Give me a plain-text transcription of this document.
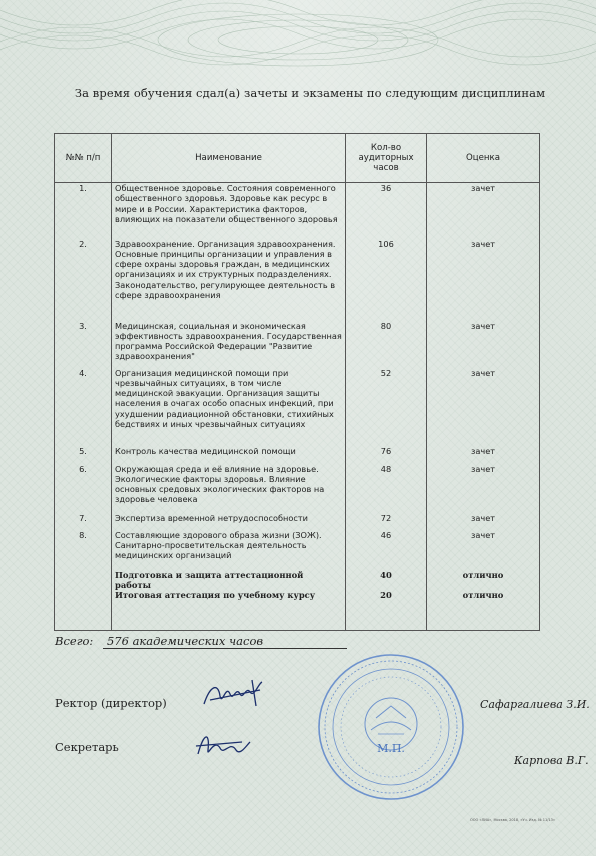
За время обучения сдал(а) зачеты и экзамены по следующим дисциплинам
№№ п/п	Наименование	Кол-во аудиторных часов	Оценка
1.	Общественное здоровье. Состояния современного общественного здоровья. Здоровье как ресурс в мире и в России. Характеристика факторов, влияющих на показатели общественного здоровья	36	зачет
2.	Здравоохранение. Организация здравоохранения. Основные принципы организации и управления в сфере охраны здоровья граждан, в медицинских организациях и их структурных подразделениях. Законодательство, регулирующее деятельность в сфере здравоохранения	106	зачет
3.	Медицинская, социальная и экономическая эффективность здравоохранения. Государственная программа Российской Федерации "Развитие здравоохранения"	80	зачет
4.	Организация медицинской помощи при чрезвычайных ситуациях, в том числе медицинской эвакуации. Организация защиты населения в очагах особо опасных инфекций, при ухудшении радиационной обстановки, стихийных бедствиях и иных чрезвычайных ситуациях	52	зачет
5.	Контроль качества медицинской помощи	76	зачет
6.	Окружающая среда и её влияние на здоровье. Экологические факторы здоровья. Влияние основных средовых экологических факторов на здоровье человека	48	зачет
7.	Экспертиза временной нетрудоспособности	72	зачет
8.	Составляющие здорового образа жизни (ЗОЖ). Санитарно-просветительская деятельность медицинских организаций	46	зачет
	Подготовка и защита аттестационной работы	40	отлично
	Итоговая аттестация по учебному курсу	20	отлично
Всего: 576 академических часов
Ректор (директор)	Сафаргалиева З.И.
Секретарь
Карпова В.Г.
М.П.
ООО «ЛИА», Москва, 2018, «Уч. Изд. № 11/13»
